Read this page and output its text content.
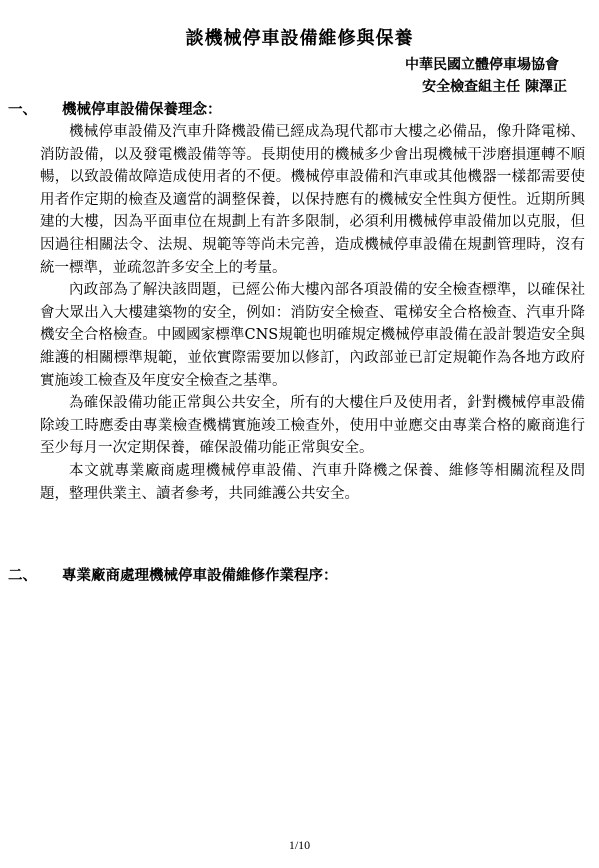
談機械停車設備維修與保養
中華民國立體停車場協會
安全檢查組主任 陳澤正
一、 機械停車設備保養理念：

機械停車設備及汽車升降機設備已經成為現代都市大樓之必備品，像升降電梯、消防設備，以及發電機設備等等。長期使用的機械多少會出現機械干涉磨損運轉不順暢，以致設備故障造成使用者的不便。機械停車設備和汽車或其他機器一樣都需要使用者作定期的檢查及適當的調整保養，以保持應有的機械安全性與方便性。近期所興建的大樓，因為平面車位在規劃上有許多限制，必須利用機械停車設備加以克服，但因過往相關法令、法規、規範等等尚未完善，造成機械停車設備在規劃管理時，沒有統一標準，並疏忽許多安全上的考量。

內政部為了解決該問題，已經公佈大樓內部各項設備的安全檢查標準，以確保社會大眾出入大樓建築物的安全，例如：消防安全檢查、電梯安全合格檢查、汽車升降機安全合格檢查。中國國家標準CNS規範也明確規定機械停車設備在設計製造安全與維護的相關標準規範，並依實際需要加以修訂，內政部並已訂定規範作為各地方政府實施竣工檢查及年度安全檢查之基準。

為確保設備功能正常與公共安全，所有的大樓住戶及使用者，針對機械停車設備除竣工時應委由專業檢查機構實施竣工檢查外，使用中並應交由專業合格的廠商進行至少每月一次定期保養，確保設備功能正常與安全。

本文就專業廠商處理機械停車設備、汽車升降機之保養、維修等相關流程及問題，整理供業主、讀者參考，共同維護公共安全。

二、 專業廠商處理機械停車設備維修作業程序：
1/10
